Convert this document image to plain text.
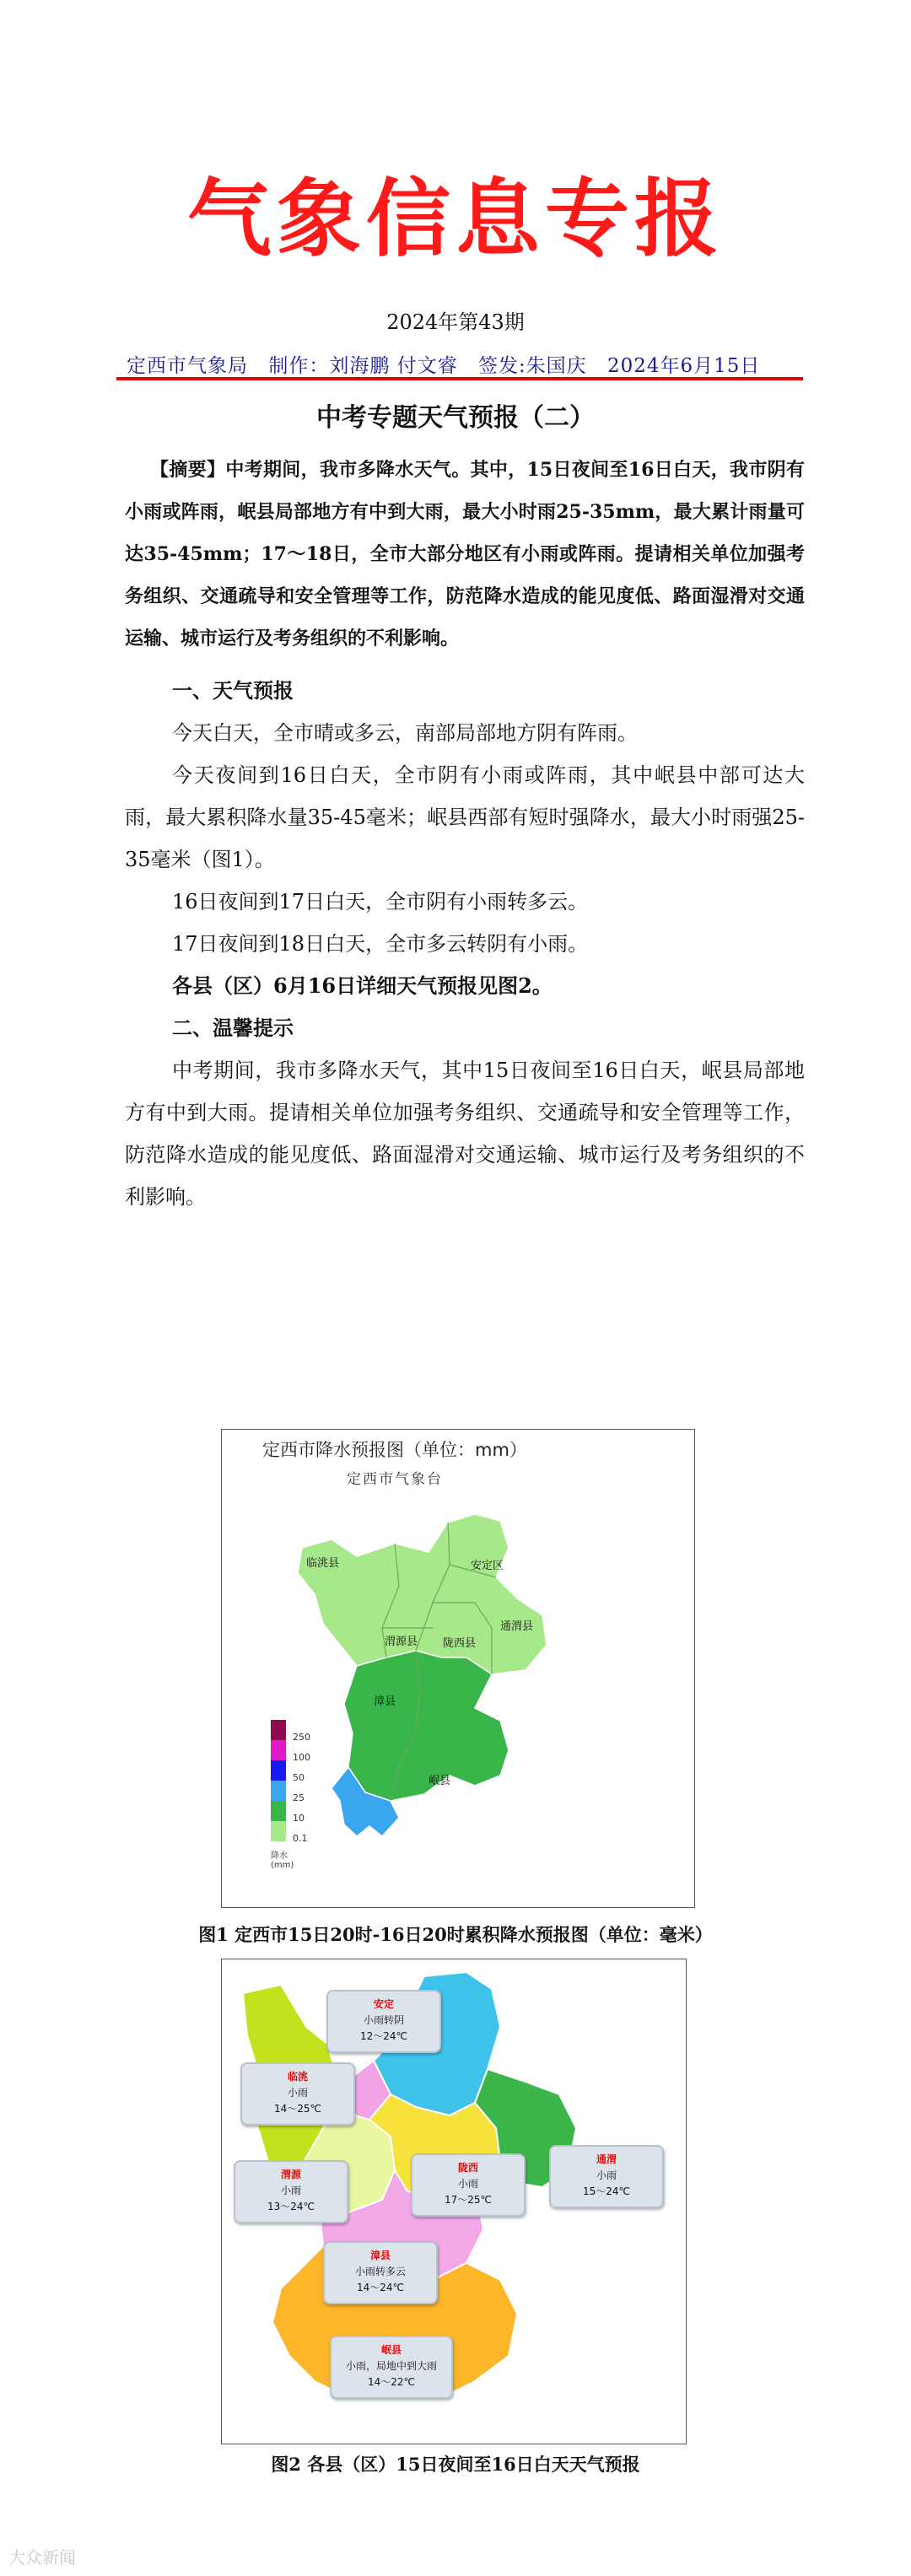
气象信息专报
2024年第43期
定西市气象局 制作：刘海鹏 付文睿 签发:朱国庆 2024年6月15日
中考专题天气预报（二）
【摘要】中考期间，我市多降水天气。其中，15日夜间至16日白天，我市阴有小雨或阵雨，岷县局部地方有中到大雨，最大小时雨25-35mm，最大累计雨量可达35-45mm；17～18日，全市大部分地区有小雨或阵雨。提请相关单位加强考务组织、交通疏导和安全管理等工作，防范降水造成的能见度低、路面湿滑对交通运输、城市运行及考务组织的不利影响。
一、天气预报
今天白天，全市晴或多云，南部局部地方阴有阵雨。
今天夜间到16日白天，全市阴有小雨或阵雨，其中岷县中部可达大雨，最大累积降水量35-45毫米；岷县西部有短时强降水，最大小时雨强25-35毫米（图1）。
16日夜间到17日白天，全市阴有小雨转多云。
17日夜间到18日白天，全市多云转阴有小雨。
各县（区）6月16日详细天气预报见图2。
二、温馨提示
中考期间，我市多降水天气，其中15日夜间至16日白天，岷县局部地方有中到大雨。提请相关单位加强考务组织、交通疏导和安全管理等工作，防范降水造成的能见度低、路面湿滑对交通运输、城市运行及考务组织的不利影响。
定西市降水预报图（单位：mm）
定西市气象台
临洮县	安定区
通渭县
渭源县 陇西县
漳县
岷县
250
100
50
25
10
0.1
降水(mm)
图1 定西市15日20时-16日20时累积降水预报图（单位：毫米）
安定
小雨转阴
12～24℃
临洮
小雨
14～25℃
通渭
小雨
15～24℃
渭源
小雨
13～24℃
陇西
小雨
17～25℃
漳县
小雨转多云
14～24℃
岷县
小雨，局地中到大雨
14～22℃
图2 各县（区）15日夜间至16日白天天气预报
大众新闻
